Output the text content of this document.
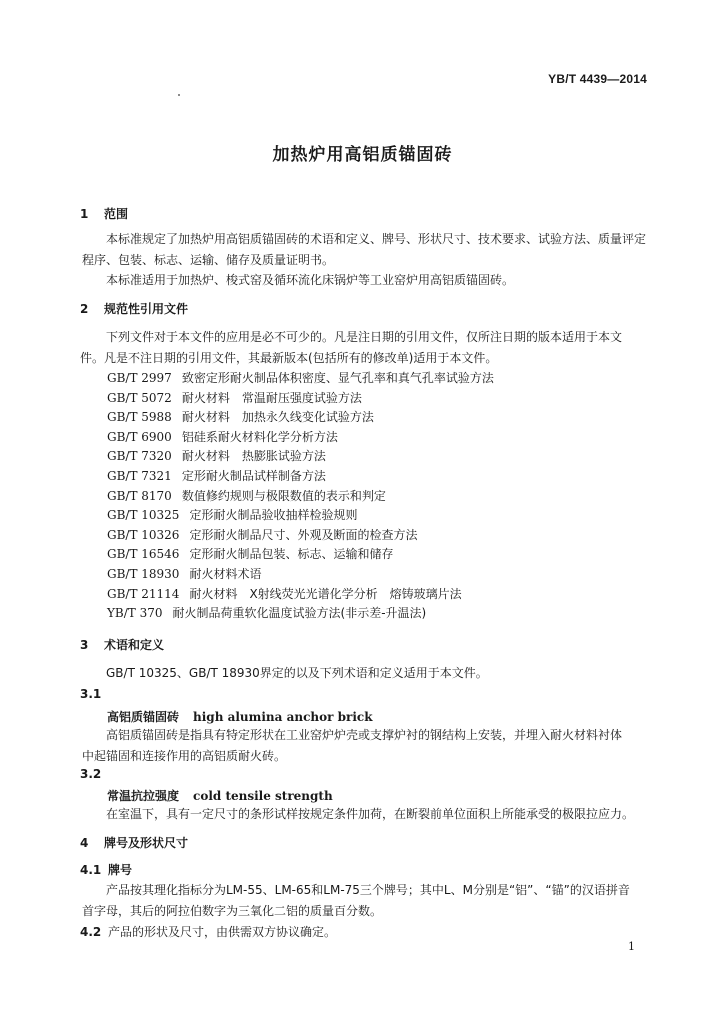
YB/T 4439—2014
加热炉用高铝质锚固砖
1 范围
本标准规定了加热炉用高铝质锚固砖的术语和定义、牌号、形状尺寸、技术要求、试验方法、质量评定
程序、包装、标志、运输、储存及质量证明书。
本标准适用于加热炉、梭式窑及循环流化床锅炉等工业窑炉用高铝质锚固砖。
2 规范性引用文件
下列文件对于本文件的应用是必不可少的。凡是注日期的引用文件，仅所注日期的版本适用于本文
件。凡是不注日期的引用文件，其最新版本(包括所有的修改单)适用于本文件。
GB/T 2997 致密定形耐火制品体积密度、显气孔率和真气孔率试验方法
GB/T 5072 耐火材料　常温耐压强度试验方法
GB/T 5988 耐火材料　加热永久线变化试验方法
GB/T 6900 铝硅系耐火材料化学分析方法
GB/T 7320 耐火材料　热膨胀试验方法
GB/T 7321 定形耐火制品试样制备方法
GB/T 8170 数值修约规则与极限数值的表示和判定
GB/T 10325 定形耐火制品验收抽样检验规则
GB/T 10326 定形耐火制品尺寸、外观及断面的检查方法
GB/T 16546 定形耐火制品包装、标志、运输和储存
GB/T 18930 耐火材料术语
GB/T 21114 耐火材料　X射线荧光光谱化学分析　熔铸玻璃片法
YB/T 370 耐火制品荷重软化温度试验方法(非示差-升温法)
3 术语和定义
GB/T 10325、GB/T 18930界定的以及下列术语和定义适用于本文件。
3.1
高铝质锚固砖 high alumina anchor brick
高铝质锚固砖是指具有特定形状在工业窑炉炉壳或支撑炉衬的钢结构上安装，并埋入耐火材料衬体
中起锚固和连接作用的高铝质耐火砖。
3.2
常温抗拉强度 cold tensile strength
在室温下，具有一定尺寸的条形试样按规定条件加荷，在断裂前单位面积上所能承受的极限拉应力。
4 牌号及形状尺寸
4.1 牌号
产品按其理化指标分为LM-55、LM-65和LM-75三个牌号；其中L、M分别是“铝”、“锚”的汉语拼音
首字母，其后的阿拉伯数字为三氧化二铝的质量百分数。
4.2 产品的形状及尺寸，由供需双方协议确定。
1
